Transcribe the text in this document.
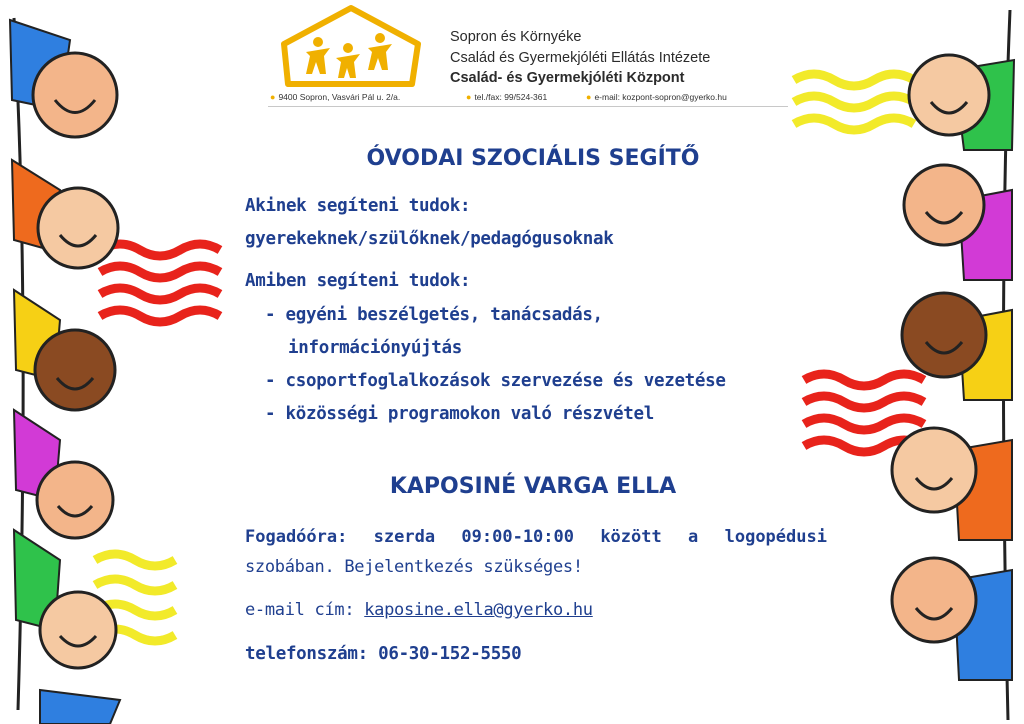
Sopron és Környéke
Család és Gyermekjóléti Ellátás Intézete
Család- és Gyermekjóléti Központ
● 9400 Sopron, Vasvári Pál u. 2/a.	● tel./fax: 99/524-361	● e-mail: kozpont-sopron@gyerko.hu
ÓVODAI SZOCIÁLIS SEGÍTŐ
Akinek segíteni tudok:
gyerekeknek/szülőknek/pedagógusoknak
Amiben segíteni tudok:
- egyéni beszélgetés, tanácsadás,
információnyújtás
- csoportfoglalkozások szervezése és vezetése
- közösségi programokon való részvétel
KAPOSINÉ VARGA ELLA
Fogadóóra: szerda 09:00-10:00 között a logopédusi
szobában. Bejelentkezés szükséges!
e-mail cím: kaposine.ella@gyerko.hu
telefonszám: 06-30-152-5550
